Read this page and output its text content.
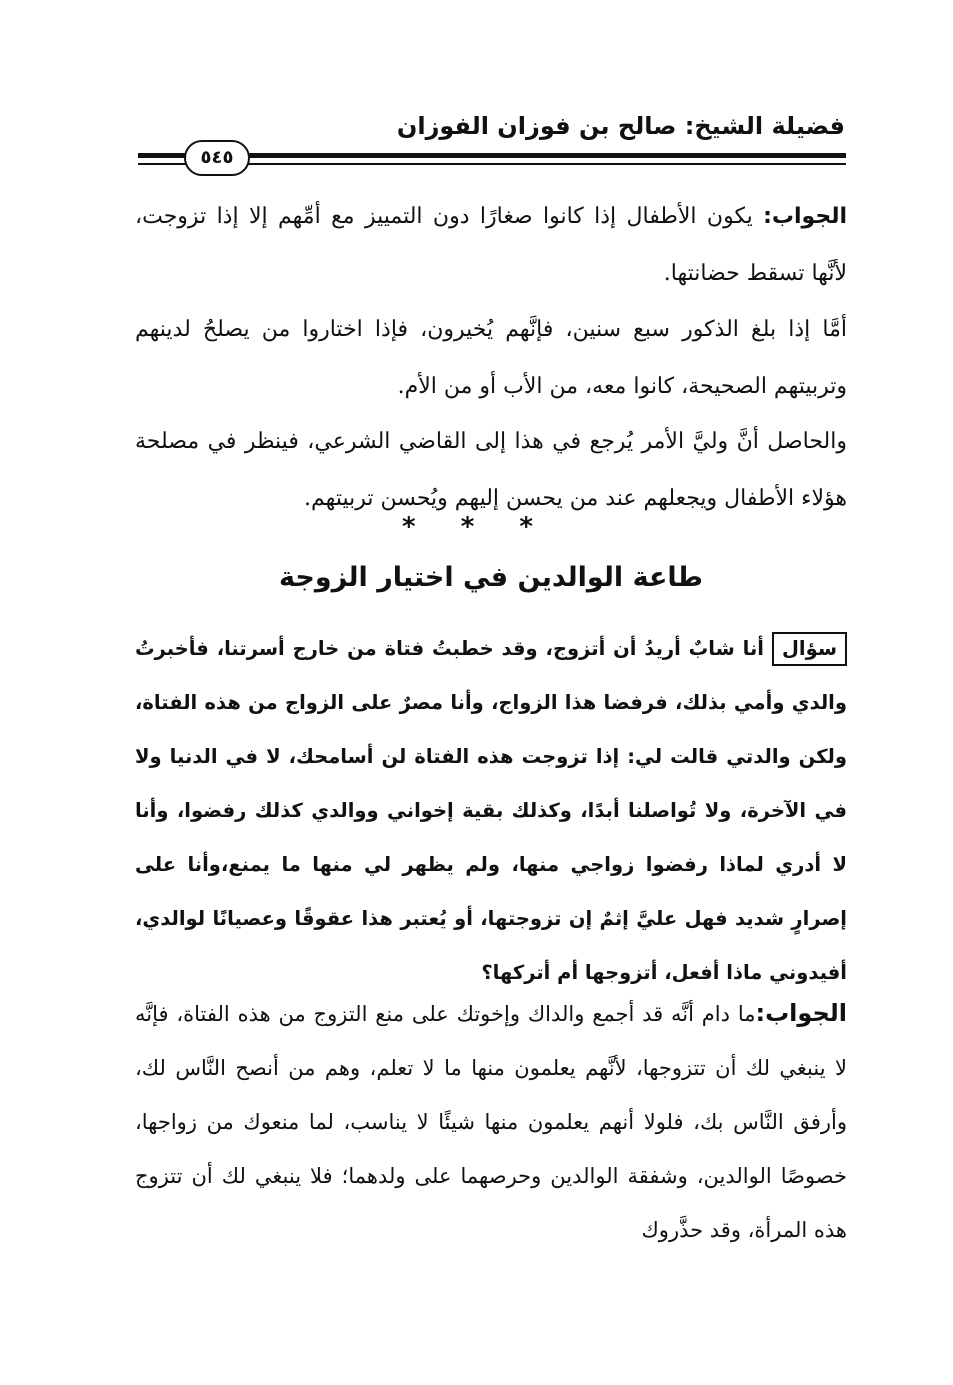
فضيلة الشيخ: صالح بن فوزان الفوزان
٥٤٥

الجواب: يكون الأطفال إذا كانوا صغارًا دون التمييز مع أمِّهم إلا إذا تزوجت، لأنَّها تسقط حضانتها.

أمَّا إذا بلغ الذكور سبع سنين، فإنَّهم يُخيرون، فإذا اختاروا من يصلحُ لدينهم وتربيتهم الصحيحة، كانوا معه، من الأب أو من الأم.

والحاصل أنَّ وليَّ الأمر يُرجع في هذا إلى القاضي الشرعي، فينظر في مصلحة هؤلاء الأطفال ويجعلهم عند من يحسن إليهم ويُحسن تربيتهم.

* * *
طاعة الوالدين في اختيار الزوجة

سؤالأنا شابٌ أريدُ أن أتزوج، وقد خطبتُ فتاة من خارج أسرتنا، فأخبرتُ والدي وأمي بذلك، فرفضا هذا الزواج، وأنا مصرٌ على الزواج من هذه الفتاة، ولكن والدتي قالت لي: إذا تزوجت هذه الفتاة لن أسامحك، لا في الدنيا ولا في الآخرة، ولا تُواصلنا أبدًا، وكذلك بقية إخواني ووالدي كذلك رفضوا، وأنا لا أدري لماذا رفضوا زواجي منها، ولم يظهر لي منها ما يمنع،وأنا على إصرارٍ شديد فهل عليَّ إثمٌ إن تزوجتها، أو يُعتبر هذا عقوقًا وعصيانًا لوالدي، أفيدوني ماذا أفعل، أتزوجها أم أتركها؟

الجواب:ما دام أنَّه قد أجمع والداك وإخوتك على منع التزوج من هذه الفتاة، فإنَّه لا ينبغي لك أن تتزوجها، لأنَّهم يعلمون منها ما لا تعلم، وهم من أنصح النَّاس لك، وأرفق النَّاس بك، فلولا أنهم يعلمون منها شيئًا لا يناسب، لما منعوك من زواجها، خصوصًا الوالدين، وشفقة الوالدين وحرصهما على ولدهما؛ فلا ينبغي لك أن تتزوج هذه المرأة، وقد حذَّروك
